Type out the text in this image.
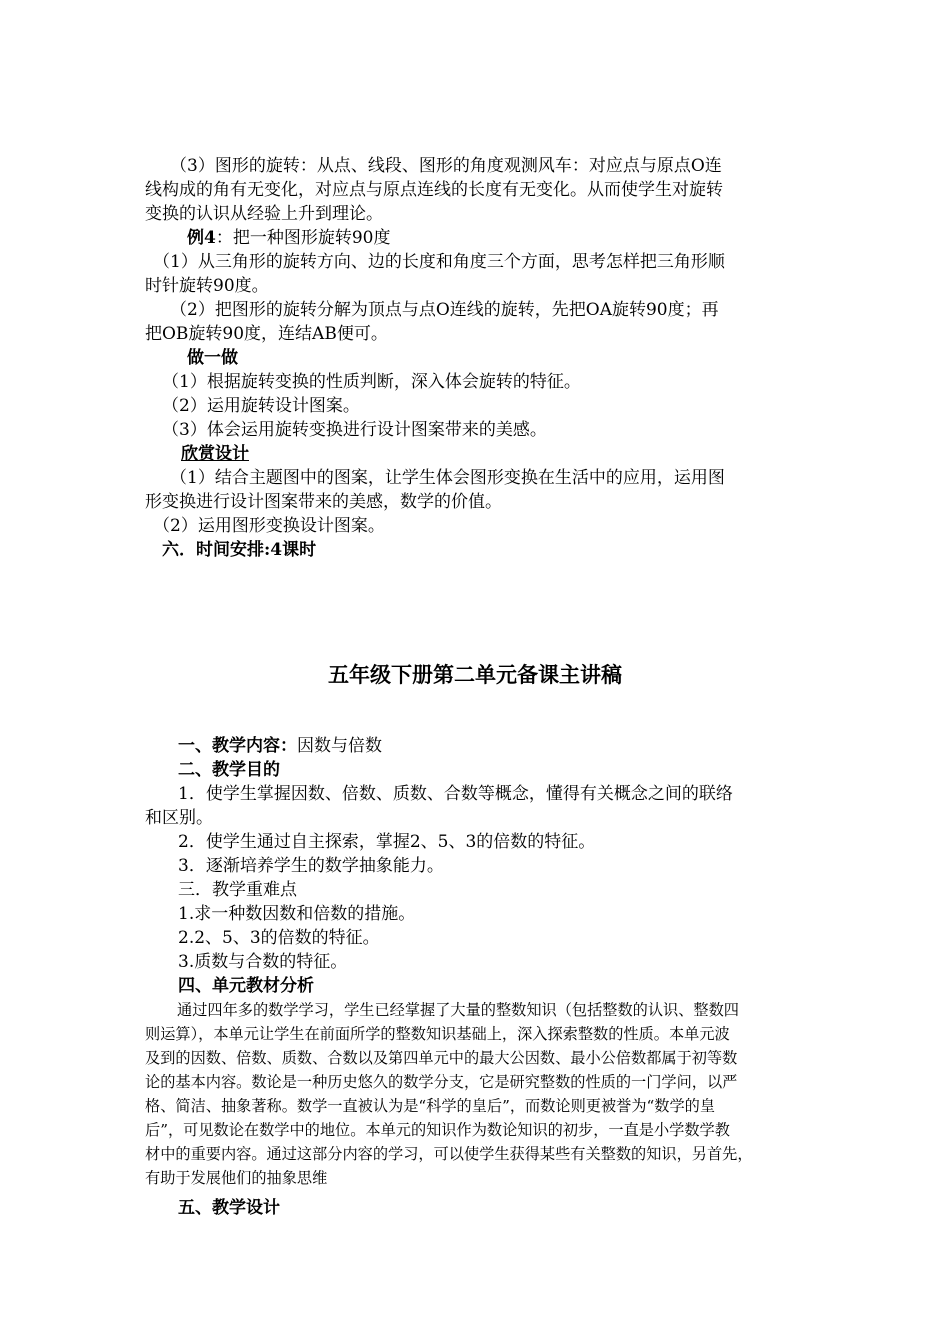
（3）图形的旋转：从点、线段、图形的角度观测风车：对应点与原点O连
线构成的角有无变化，对应点与原点连线的长度有无变化。从而使学生对旋转
变换的认识从经验上升到理论。
例4：把一种图形旋转90度
（1）从三角形的旋转方向、边的长度和角度三个方面，思考怎样把三角形顺
时针旋转90度。
（2）把图形的旋转分解为顶点与点O连线的旋转，先把OA旋转90度；再
把OB旋转90度，连结AB便可。
做一做
（1）根据旋转变换的性质判断，深入体会旋转的特征。
（2）运用旋转设计图案。
（3）体会运用旋转变换进行设计图案带来的美感。
欣赏设计
（1）结合主题图中的图案，让学生体会图形变换在生活中的应用，运用图
形变换进行设计图案带来的美感，数学的价值。
（2）运用图形变换设计图案。
六．时间安排:4课时
五年级下册第二单元备课主讲稿
一、教学内容：因数与倍数
二、教学目的
1．使学生掌握因数、倍数、质数、合数等概念，懂得有关概念之间的联络
和区别。
2．使学生通过自主探索，掌握2、5、3的倍数的特征。
3．逐渐培养学生的数学抽象能力。
三．教学重难点
1.求一种数因数和倍数的措施。
2.2、5、3的倍数的特征。
3.质数与合数的特征。
四、单元教材分析
通过四年多的数学学习，学生已经掌握了大量的整数知识（包括整数的认识、整数四
则运算），本单元让学生在前面所学的整数知识基础上，深入探索整数的性质。本单元波
及到的因数、倍数、质数、合数以及第四单元中的最大公因数、最小公倍数都属于初等数
论的基本内容。数论是一种历史悠久的数学分支，它是研究整数的性质的一门学问，以严
格、简洁、抽象著称。数学一直被认为是“科学的皇后”，而数论则更被誉为“数学的皇
后”，可见数论在数学中的地位。本单元的知识作为数论知识的初步，一直是小学数学教
材中的重要内容。通过这部分内容的学习，可以使学生获得某些有关整数的知识，另首先，
有助于发展他们的抽象思维
五、教学设计
